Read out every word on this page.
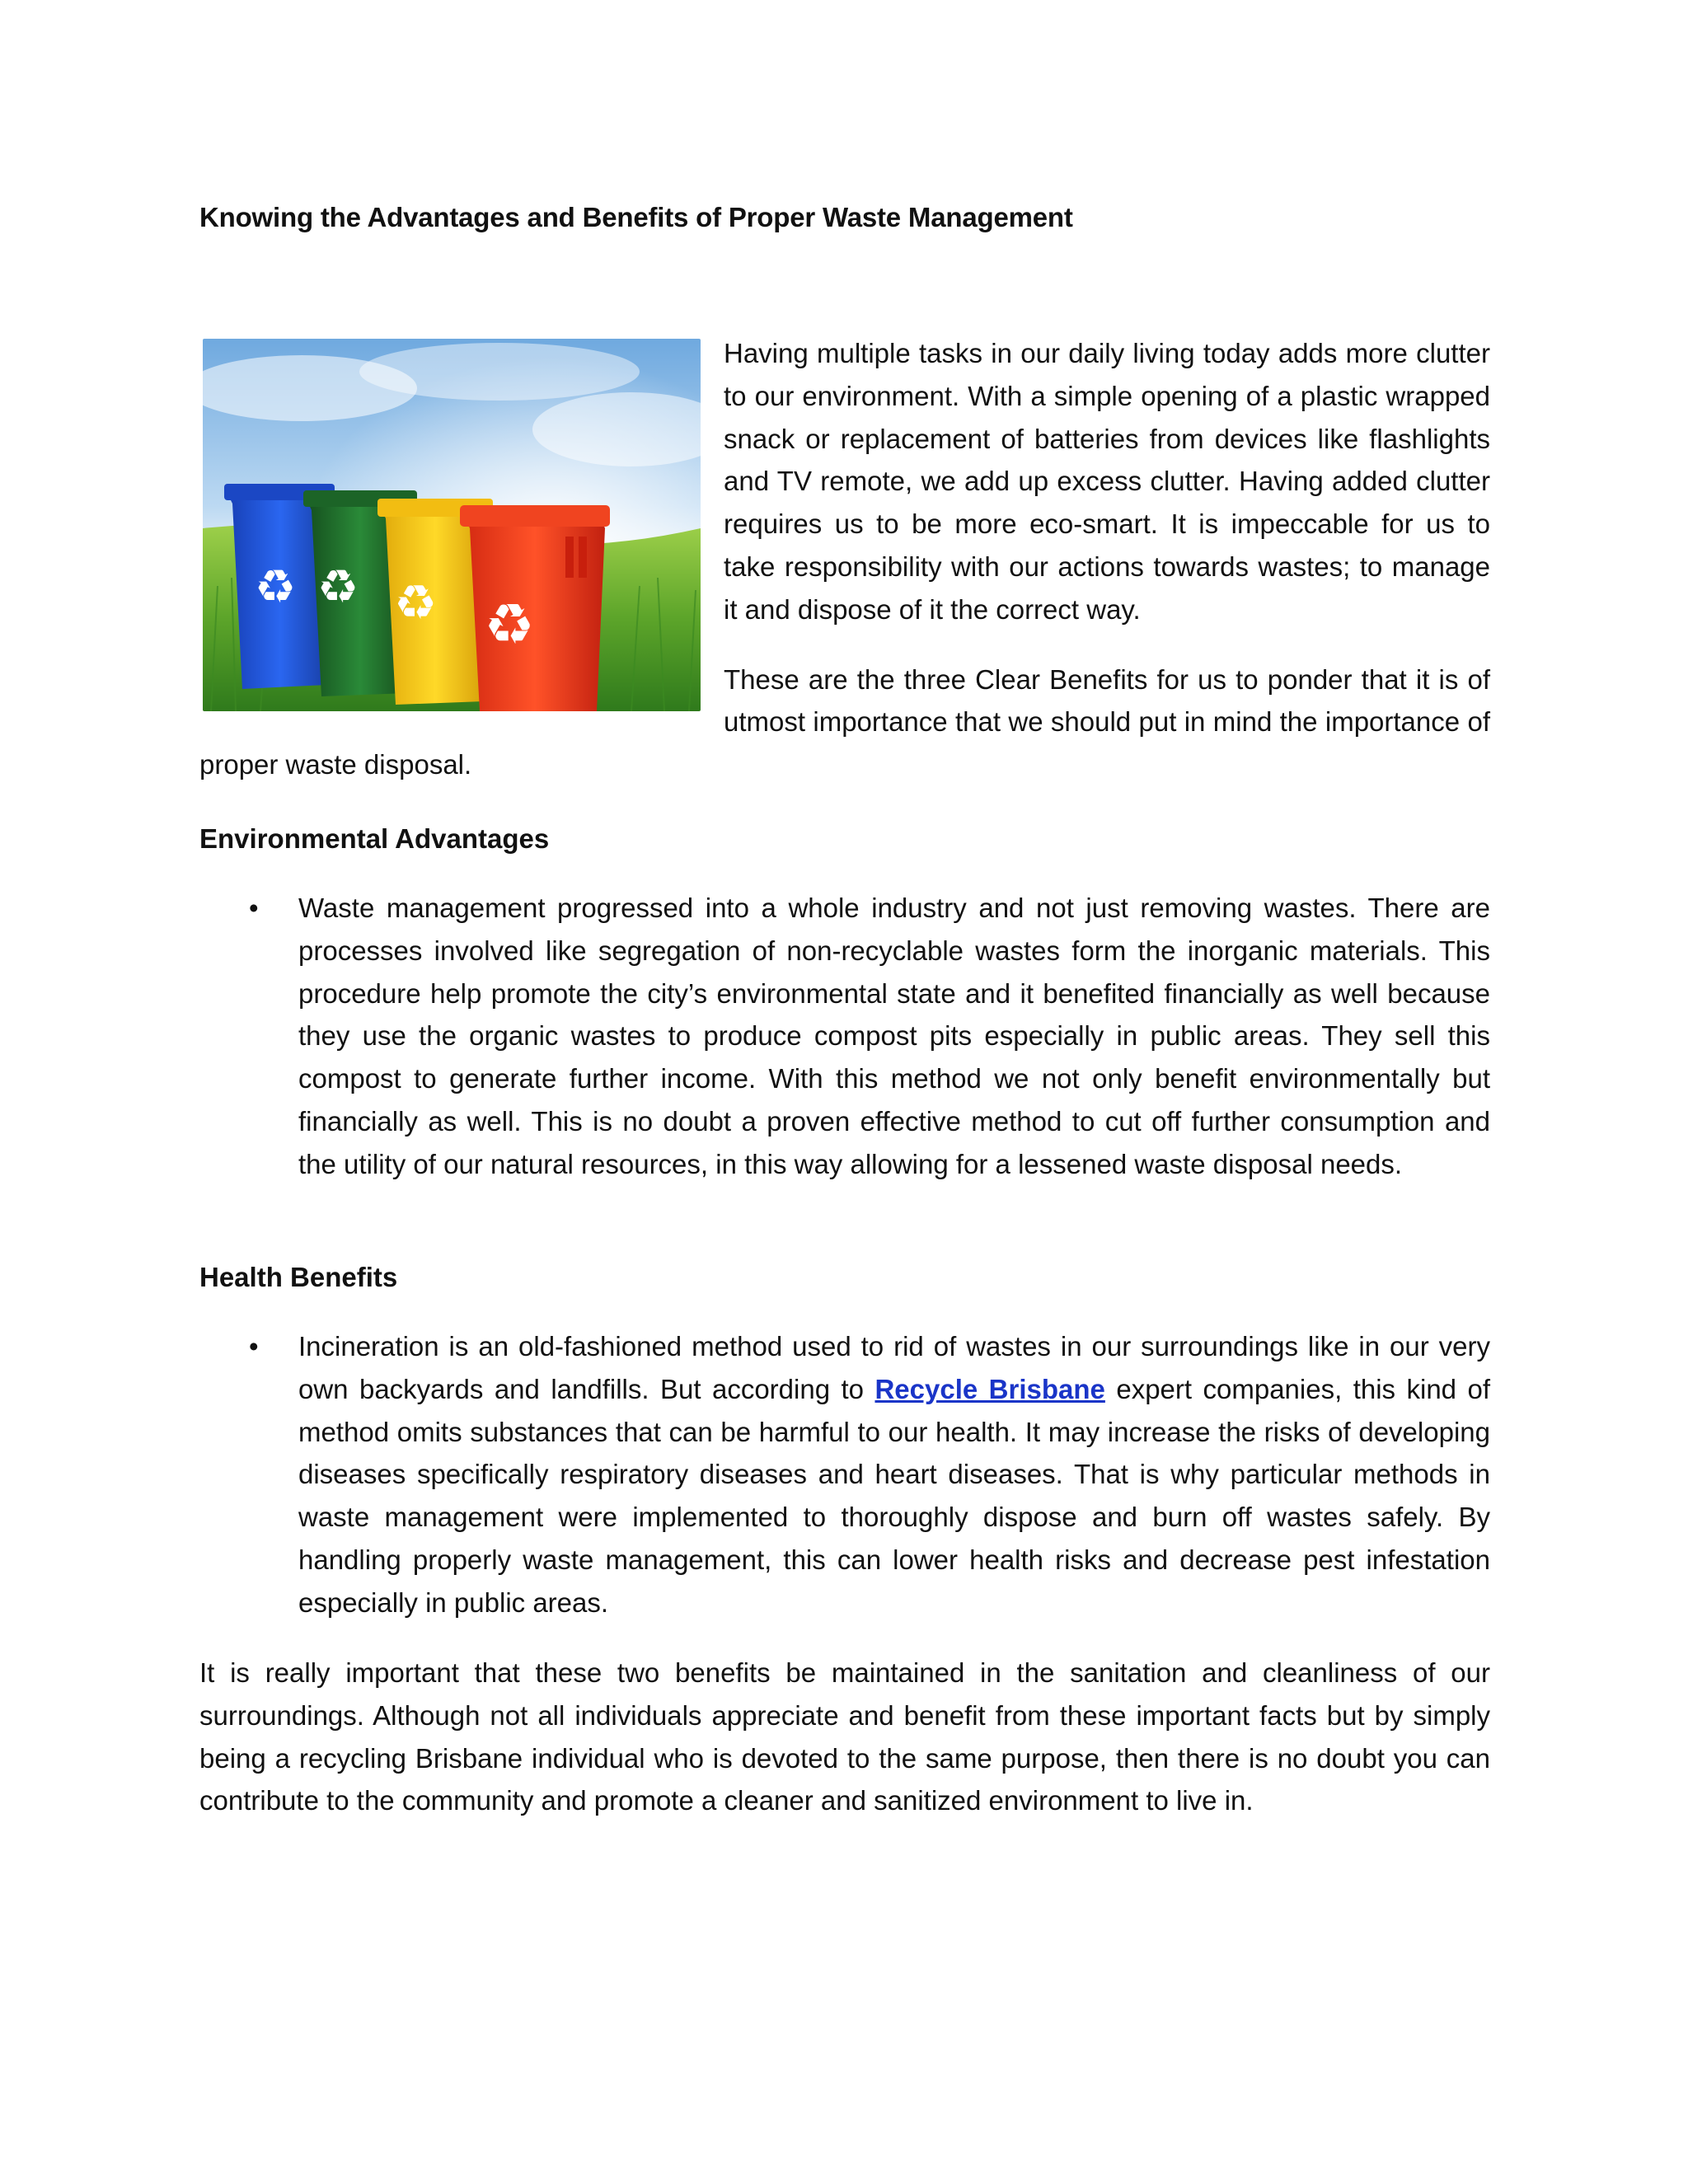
Knowing the Advantages and Benefits of Proper Waste Management
♻ ♻ ♻ ♻

Having multiple tasks in our daily living today adds more clutter to our environment. With a simple opening of a plastic wrapped snack or replacement of batteries from devices like flashlights and TV remote, we add up excess clutter. Having added clutter requires us to be more eco-smart. It is impeccable for us to take responsibility with our actions towards wastes; to manage it and dispose of it the correct way.

These are the three Clear Benefits for us to ponder that it is of utmost importance that we should put in mind the importance of proper waste disposal.

Environmental Advantages
• Waste management progressed into a whole industry and not just removing wastes. There are processes involved like segregation of non-recyclable wastes form the inorganic materials. This procedure help promote the city’s environmental state and it benefited financially as well because they use the organic wastes to produce compost pits especially in public areas. They sell this compost to generate further income. With this method we not only benefit environmentally but financially as well. This is no doubt a proven effective method to cut off further consumption and the utility of our natural resources, in this way allowing for a lessened waste disposal needs.

Health Benefits
• Incineration is an old-fashioned method used to rid of wastes in our surroundings like in our very own backyards and landfills. But according to Recycle Brisbane expert companies, this kind of method omits substances that can be harmful to our health. It may increase the risks of developing diseases specifically respiratory diseases and heart diseases. That is why particular methods in waste management were implemented to thoroughly dispose and burn off wastes safely. By handling properly waste management, this can lower health risks and decrease pest infestation especially in public areas.

It is really important that these two benefits be maintained in the sanitation and cleanliness of our surroundings. Although not all individuals appreciate and benefit from these important facts but by simply being a recycling Brisbane individual who is devoted to the same purpose, then there is no doubt you can contribute to the community and promote a cleaner and sanitized environment to live in.
